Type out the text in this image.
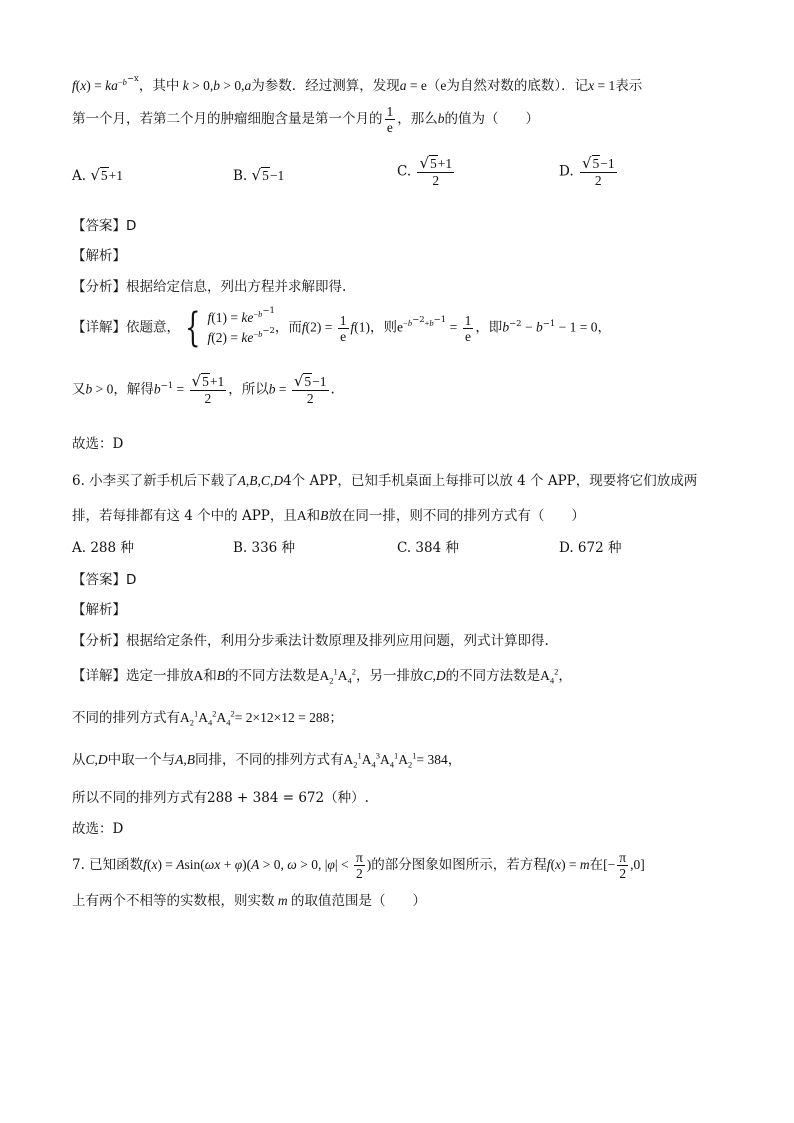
$f(x) = ka^{-b^{-x}}$，其中 k > 0,b > 0,a为参数．经过测算，发现a = e（e为自然对数的底数）．记x = 1表示
第一个月，若第二个月的肿瘤细胞含量是第一个月的 $\frac{1}{e}$ ，那么b的值为（　　）
A. √5+1	B. √5−1	C. $\frac{√5+1}{2}$	D. $\frac{√5-1}{2}$
【答案】D
【解析】
【分析】根据给定信息，列出方程并求解即得.
【详解】依题意， { $f(1) = ke^{-b^{-1}}$
$f(2) = ke^{-b^{-2}}$ ，而$f(2) = \frac{1}{e} f(1)$，则$e^{-b^{-2}+b^{-1}} = \frac{1}{e}$ ，即$b^{-2} - b^{-1} - 1 = 0$，
又b > 0，解得$b^{-1} = \frac{√5+1}{2}$ ，所以$b = \frac{√5-1}{2}$ .
故选：D
6. 小李买了新手机后下载了A,B,C,D4个 APP，已知手机桌面上每排可以放 4 个 APP，现要将它们放成两
排，若每排都有这 4 个中的 APP，且A和B放在同一排，则不同的排列方式有（　　）
A. 288 种	B. 336 种	C. 384 种	D. 672 种
【答案】D
【解析】
【分析】根据给定条件，利用分步乘法计数原理及排列应用问题，列式计算即得.
【详解】选定一排放A和B的不同方法数是$A_2^1A_4^2$，另一排放C,D的不同方法数是$A_4^2$，
不同的排列方式有$A_2^1A_4^2A_4^2= 2\times 12\times 12 = 288$；
从C,D中取一个与A,B同排，不同的排列方式有$A_2^1A_4^3A_4^1A_2^1= 384$，
所以不同的排列方式有288 + 384 = 672（种）.
故选：D
7. 已知函数f(x) = Asin(ωx + φ)(A > 0, ω > 0, $|\varphi| < \frac{\pi}{2}$ )的部分图象如图所示，若方程f(x) = m在[− $\frac{\pi}{2} ,0$]
上有两个不相等的实数根，则实数 m 的取值范围是（　　）
